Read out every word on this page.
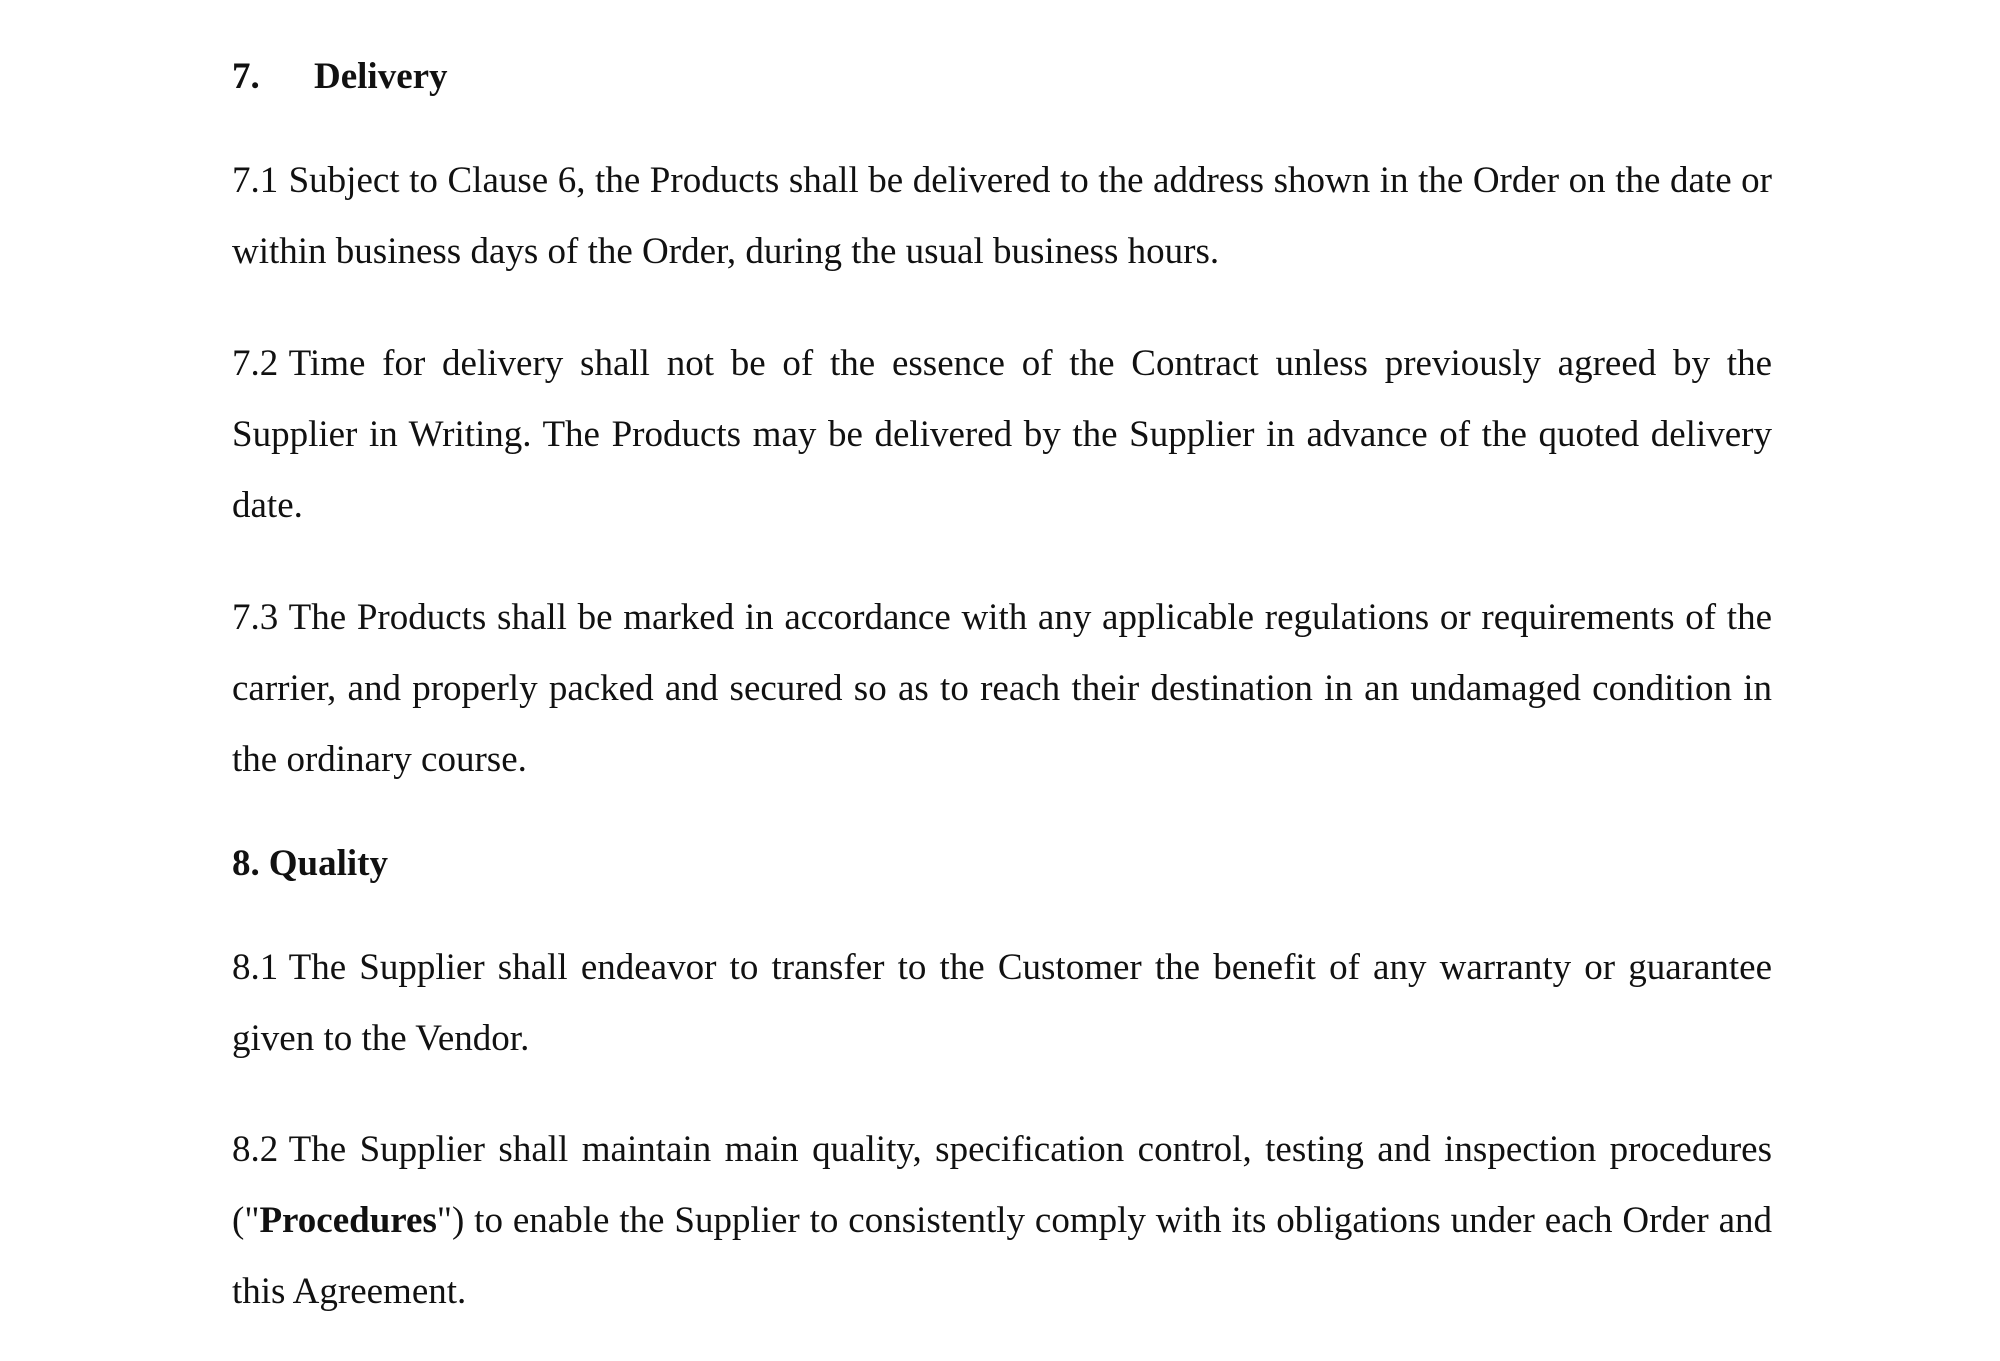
7. Delivery

7.1 Subject to Clause 6, the Products shall be delivered to the address shown in the Order on the date or within business days of the Order, during the usual business hours.

7.2 Time for delivery shall not be of the essence of the Contract unless previously agreed by the Supplier in Writing. The Products may be delivered by the Supplier in advance of the quoted delivery date.

7.3 The Products shall be marked in accordance with any applicable regulations or requirements of the carrier, and properly packed and secured so as to reach their destination in an undamaged condition in the ordinary course.

8. Quality

8.1 The Supplier shall endeavor to transfer to the Customer the benefit of any warranty or guarantee given to the Vendor.

8.2 The Supplier shall maintain main quality, specification control, testing and inspection procedures ("Procedures") to enable the Supplier to consistently comply with its obligations under each Order and this Agreement.
